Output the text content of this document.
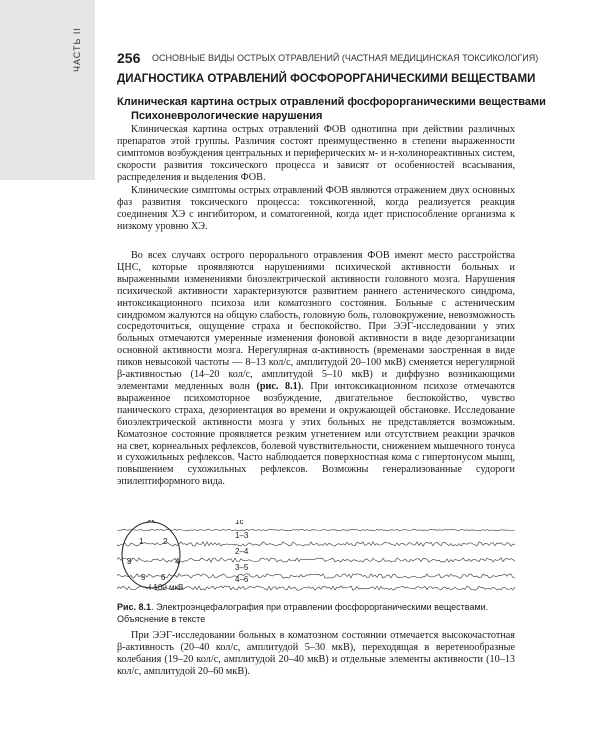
ЧАСТЬ II	256 ОСНОВНЫЕ ВИДЫ ОСТРЫХ ОТРАВЛЕНИЙ (ЧАСТНАЯ МЕДИЦИНСКАЯ ТОКСИКОЛОГИЯ)
ДИАГНОСТИКА ОТРАВЛЕНИЙ ФОСФОРОРГАНИЧЕСКИМИ ВЕЩЕСТВАМИ
Клиническая картина острых отравлений фосфорорганическими веществами
Психоневрологические нарушения

Клиническая картина острых отравлений ФОВ однотипна при действии различных препаратов этой группы. Различия состоят преимущественно в степени выраженности симптомов возбуждения центральных и периферических м- и н-холинореактивных систем, скорости развития токсического процесса и зависят от особенностей всасывания, распределения и выделения ФОВ.

Клинические симптомы острых отравлений ФОВ являются отражением двух основных фаз развития токсического процесса: токсикогенной, когда реализуется реакция соединения ХЭ с ингибитором, и соматогенной, когда идет приспособление организма к низкому уровню ХЭ.

Во всех случаях острого перорального отравления ФОВ имеют место расстройства ЦНС, которые проявляются нарушениями психической активности больных и выраженными изменениями биоэлектрической активности головного мозга. Нарушения психической активности характеризуются развитием раннего астенического синдрома, интоксикационного психоза или коматозного состояния. Больные с астеническим синдромом жалуются на общую слабость, головную боль, головокружение, невозможность сосредоточиться, ощущение страха и беспокойство. При ЭЭГ-исследовании у этих больных отмечаются умеренные изменения фоновой активности в виде дезорганизации основной активности мозга. Нерегулярная α-активность (временами заостренная в виде пиков невысокой частоты — 8–13 кол/с, амплитудой 20–100 мкВ) сменяется нерегулярной β-активностью (14–20 кол/с, амплитудой 5–10 мкВ) и диффузно возникающими элементами медленных волн (рис. 8.1). При интоксикационном психозе отмечаются выраженное психомоторное возбуждение, двигательное беспокойство, чувство панического страха, дезориентация во времени и окружающей обстановке. Исследование биоэлектрической активности мозга у этих больных не представляется возможным. Коматозное состояние проявляется резким угнетением или отсутствием реакции зрачков на свет, корнеальных рефлексов, болевой чувствительности, снижением мышечного тонуса и сухожильных рефлексов. Часто наблюдается поверхностная кома с гипертонусом мышц, повышением сухожильных рефлексов. Возможны генерализованные судороги эпилептиформного вида.

1 2
3	4
5 6
1с
1–3
2–4
3–5
4–6
I 100 мкВ

Рис. 8.1. Электроэнцефалография при отравлении фосфорорганическими веществами. Объяснение в тексте

При ЭЭГ-исследовании больных в коматозном состоянии отмечается высокочастотная β-активность (20–40 кол/с, амплитудой 5–30 мкВ), переходящая в веретенообразные колебания (19–20 кол/с, амплитудой 20–40 мкВ) и отдельные элементы активности (10–13 кол/с, амплитудой 20–60 мкВ).
